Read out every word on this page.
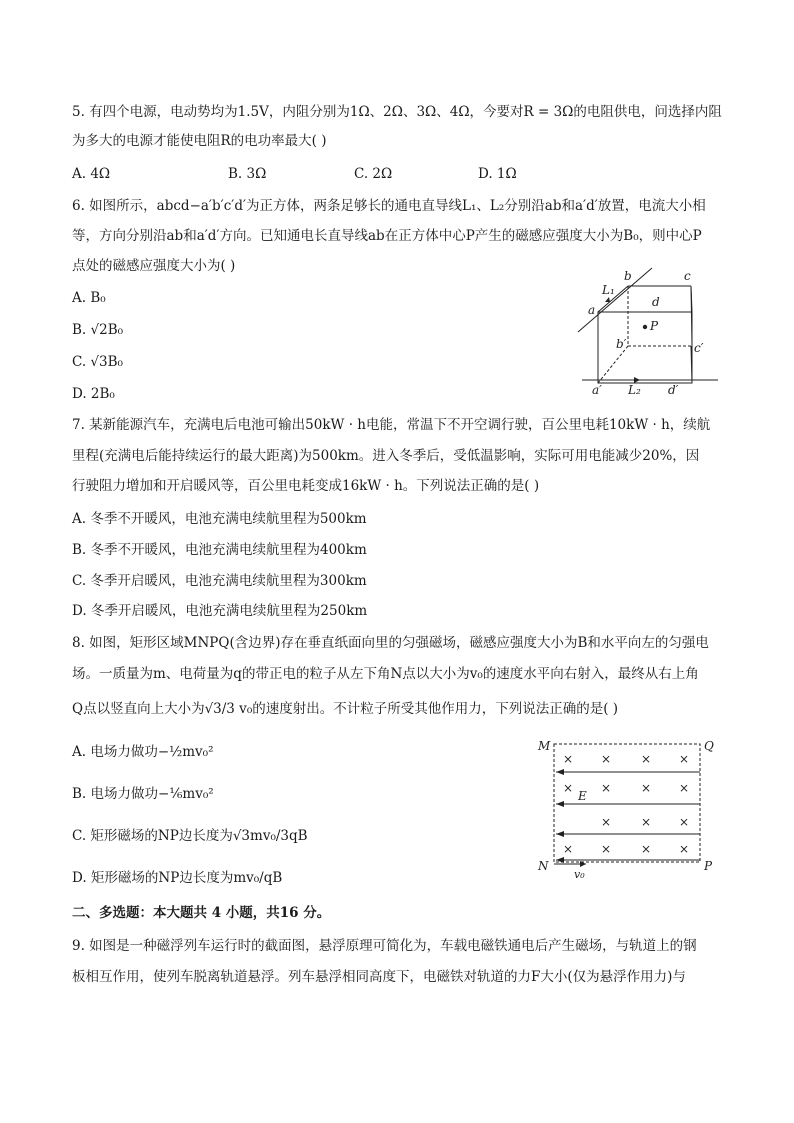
5. 有四个电源，电动势均为1.5V，内阻分别为1Ω、2Ω、3Ω、4Ω，今要对R = 3Ω的电阻供电，问选择内阻
为多大的电源才能使电阻R的电功率最大( )
A. 4Ω	B. 3Ω	C. 2Ω	D. 1Ω
6. 如图所示，abcd−a′b′c′d′为正方体，两条足够长的通电直导线L₁、L₂分别沿ab和a′d′放置，电流大小相
等，方向分别沿ab和a′d′方向。已知通电长直导线ab在正方体中心P产生的磁感应强度大小为B₀，则中心P
点处的磁感应强度大小为( )
A. B₀
B. √2B₀
C. √3B₀
D. 2B₀
a
b	c
d
b′	c′
a′	d′
P
L₁
L₂
7. 某新能源汽车，充满电后电池可输出50kW · h电能，常温下不开空调行驶，百公里电耗10kW · h，续航
里程(充满电后能持续运行的最大距离)为500km。进入冬季后，受低温影响，实际可用电能减少20%，因
行驶阻力增加和开启暖风等，百公里电耗变成16kW · h。下列说法正确的是( )
A. 冬季不开暖风，电池充满电续航里程为500km
B. 冬季不开暖风，电池充满电续航里程为400km
C. 冬季开启暖风，电池充满电续航里程为300km
D. 冬季开启暖风，电池充满电续航里程为250km
8. 如图，矩形区域MNPQ(含边界)存在垂直纸面向里的匀强磁场，磁感应强度大小为B和水平向左的匀强电
场。一质量为m、电荷量为q的带正电的粒子从左下角N点以大小为v₀的速度水平向右射入，最终从右上角
Q点以竖直向上大小为√3/3 v₀的速度射出。不计粒子所受其他作用力，下列说法正确的是( )
A. 电场力做功−½mv₀²
B. 电场力做功−⅙mv₀²
C. 矩形磁场的NP边长度为√3mv₀/3qB
D. 矩形磁场的NP边长度为mv₀/qB
× × × ×
× × × ×
× × ×
× × × ×
M	Q
N	P
E
v₀
二、多选题：本大题共 4 小题，共16 分。
9. 如图是一种磁浮列车运行时的截面图，悬浮原理可简化为，车载电磁铁通电后产生磁场，与轨道上的钢
板相互作用，使列车脱离轨道悬浮。列车悬浮相同高度下，电磁铁对轨道的力F大小(仅为悬浮作用力)与
